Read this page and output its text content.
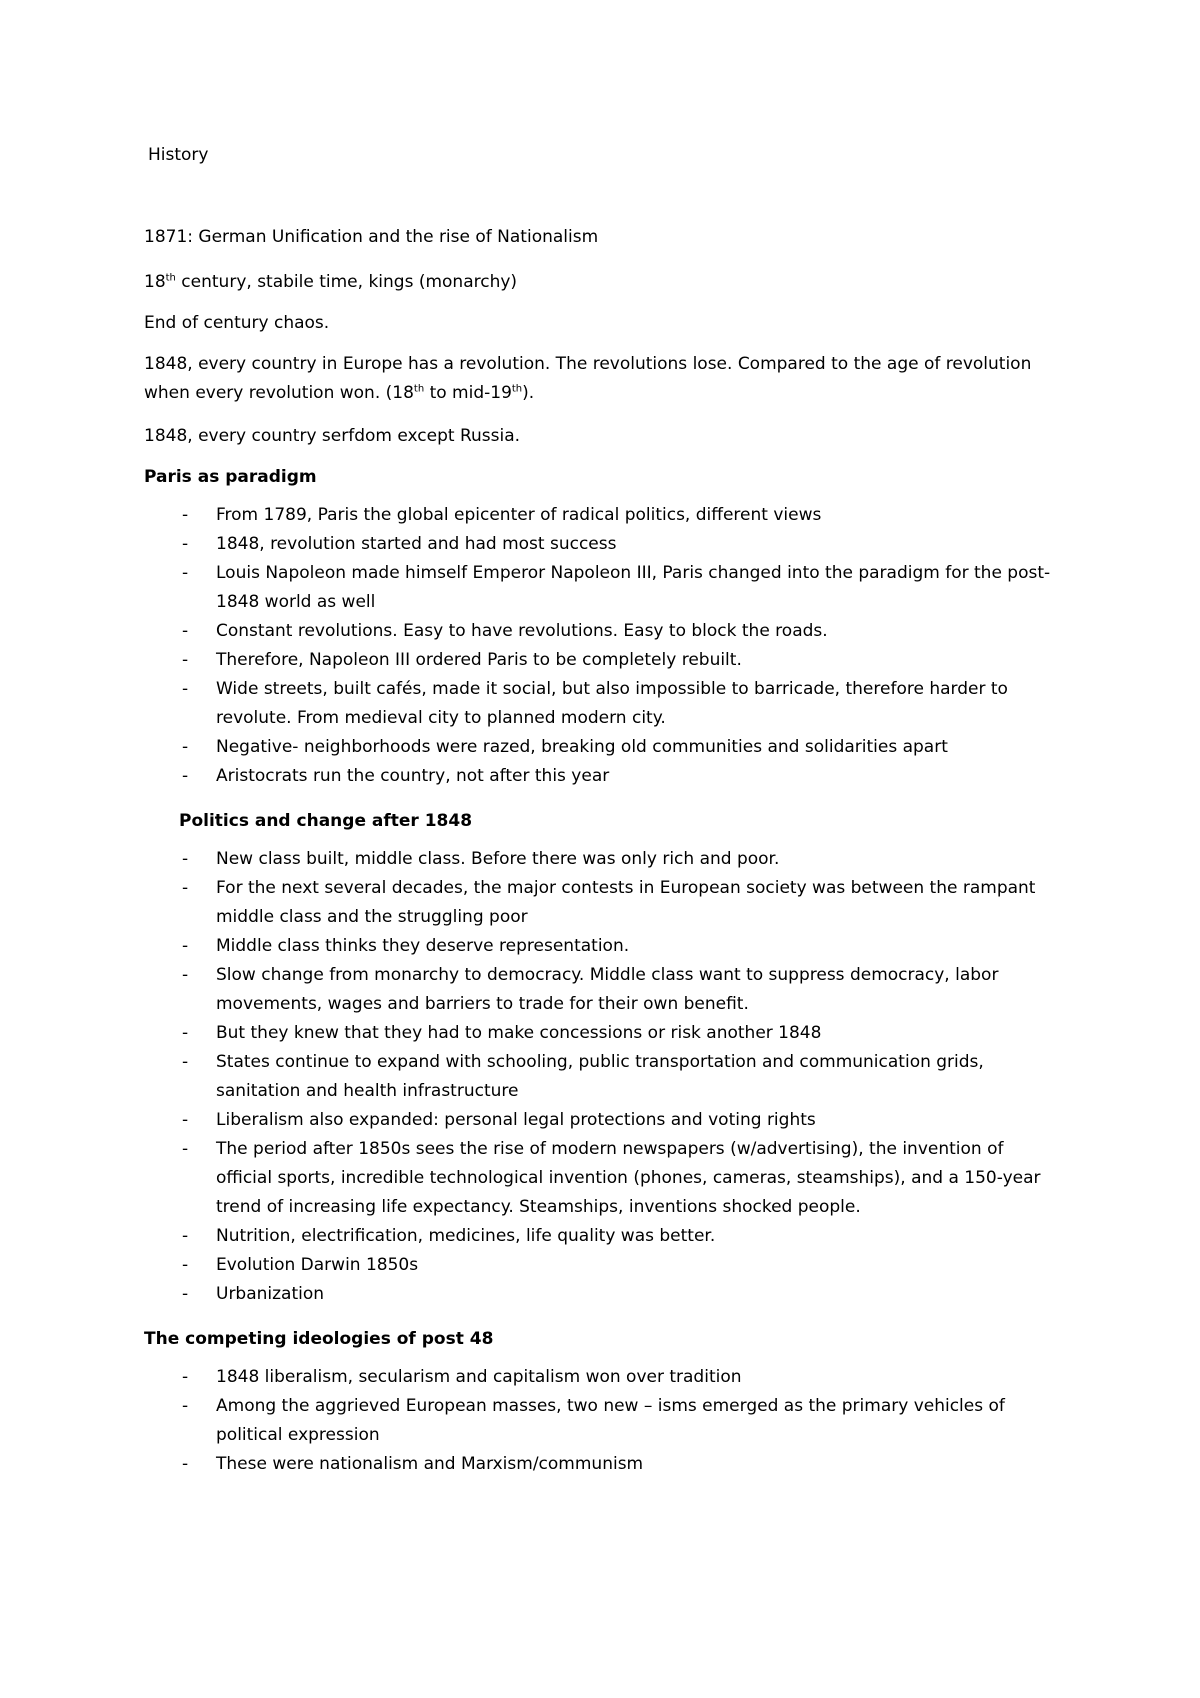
History

1871: German Unification and the rise of Nationalism

18th century, stabile time, kings (monarchy)

End of century chaos.

1848, every country in Europe has a revolution. The revolutions lose. Compared to the age of revolution when every revolution won. (18th to mid-19th).

1848, every country serfdom except Russia.

Paris as paradigm

- From 1789, Paris the global epicenter of radical politics, different views
- 1848, revolution started and had most success
- Louis Napoleon made himself Emperor Napoleon III, Paris changed into the paradigm for the post-1848 world as well
- Constant revolutions. Easy to have revolutions. Easy to block the roads.
- Therefore, Napoleon III ordered Paris to be completely rebuilt.
- Wide streets, built cafés, made it social, but also impossible to barricade, therefore harder to revolute. From medieval city to planned modern city.
- Negative- neighborhoods were razed, breaking old communities and solidarities apart
- Aristocrats run the country, not after this year

Politics and change after 1848

- New class built, middle class. Before there was only rich and poor.
- For the next several decades, the major contests in European society was between the rampant middle class and the struggling poor
- Middle class thinks they deserve representation.
- Slow change from monarchy to democracy. Middle class want to suppress democracy, labor movements, wages and barriers to trade for their own benefit.
- But they knew that they had to make concessions or risk another 1848
- States continue to expand with schooling, public transportation and communication grids, sanitation and health infrastructure
- Liberalism also expanded: personal legal protections and voting rights
- The period after 1850s sees the rise of modern newspapers (w/advertising), the invention of official sports, incredible technological invention (phones, cameras, steamships), and a 150-year trend of increasing life expectancy. Steamships, inventions shocked people.
- Nutrition, electrification, medicines, life quality was better.
- Evolution Darwin 1850s
- Urbanization

The competing ideologies of post 48

- 1848 liberalism, secularism and capitalism won over tradition
- Among the aggrieved European masses, two new – isms emerged as the primary vehicles of political expression
- These were nationalism and Marxism/communism
